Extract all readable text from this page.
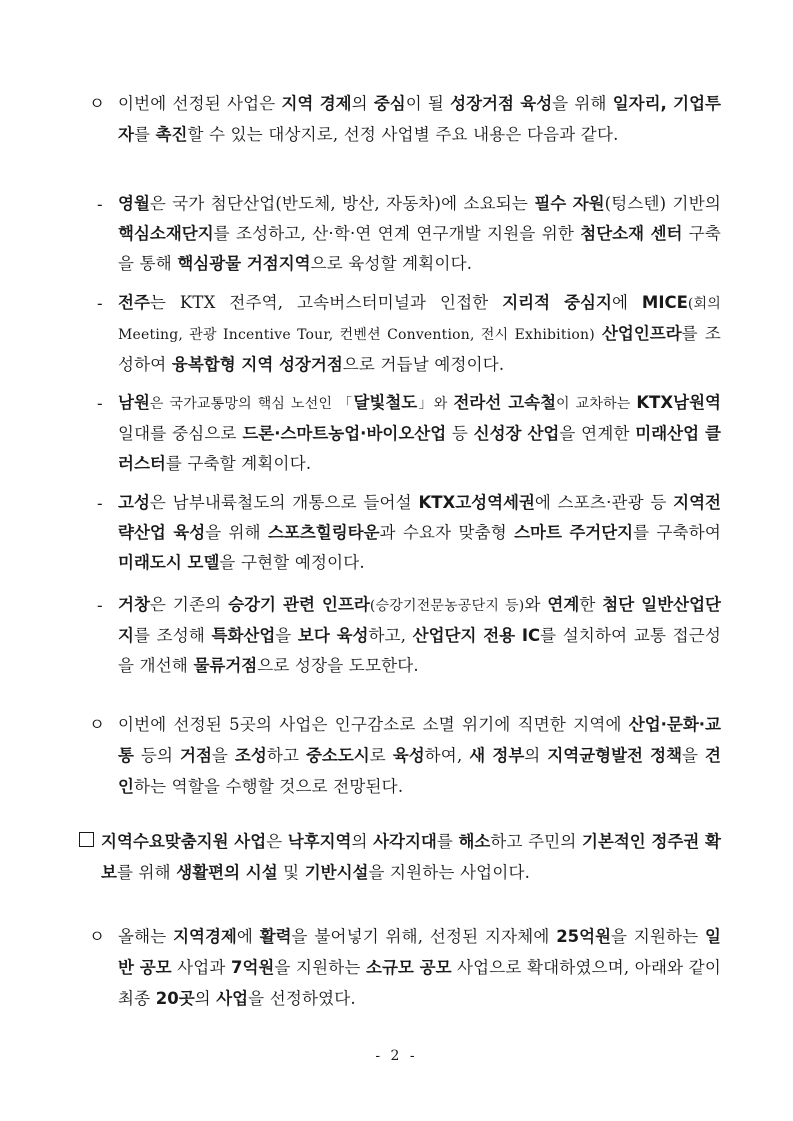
ㅇ 이번에 선정된 사업은 지역 경제의 중심이 될 성장거점 육성을 위해 일자리, 기업투자를 촉진할 수 있는 대상지로, 선정 사업별 주요 내용은 다음과 같다.
- 영월은 국가 첨단산업(반도체, 방산, 자동차)에 소요되는 필수 자원(텅스텐) 기반의 핵심소재단지를 조성하고, 산·학·연 연계 연구개발 지원을 위한 첨단소재 센터 구축을 통해 핵심광물 거점지역으로 육성할 계획이다.
- 전주는 KTX 전주역, 고속버스터미널과 인접한 지리적 중심지에 MICE(회의 Meeting, 관광 Incentive Tour, 컨벤션 Convention, 전시 Exhibition) 산업인프라를 조성하여 융복합형 지역 성장거점으로 거듭날 예정이다.
- 남원은 국가교통망의 핵심 노선인 「달빛철도」와 전라선 고속철이 교차하는 KTX남원역 일대를 중심으로 드론·스마트농업·바이오산업 등 신성장 산업을 연계한 미래산업 클러스터를 구축할 계획이다.
- 고성은 남부내륙철도의 개통으로 들어설 KTX고성역세권에 스포츠·관광 등 지역전략산업 육성을 위해 스포츠힐링타운과 수요자 맞춤형 스마트 주거단지를 구축하여 미래도시 모델을 구현할 예정이다.
- 거창은 기존의 승강기 관련 인프라(승강기전문농공단지 등)와 연계한 첨단 일반산업단지를 조성해 특화산업을 보다 육성하고, 산업단지 전용 IC를 설치하여 교통 접근성을 개선해 물류거점으로 성장을 도모한다.
ㅇ 이번에 선정된 5곳의 사업은 인구감소로 소멸 위기에 직면한 지역에 산업·문화·교통 등의 거점을 조성하고 중소도시로 육성하여, 새 정부의 지역균형발전 정책을 견인하는 역할을 수행할 것으로 전망된다.
지역수요맞춤지원 사업은 낙후지역의 사각지대를 해소하고 주민의 기본적인 정주권 확보를 위해 생활편의 시설 및 기반시설을 지원하는 사업이다.
ㅇ 올해는 지역경제에 활력을 불어넣기 위해, 선정된 지자체에 25억원을 지원하는 일반 공모 사업과 7억원을 지원하는 소규모 공모 사업으로 확대하였으며, 아래와 같이 최종 20곳의 사업을 선정하였다.
- 2 -
